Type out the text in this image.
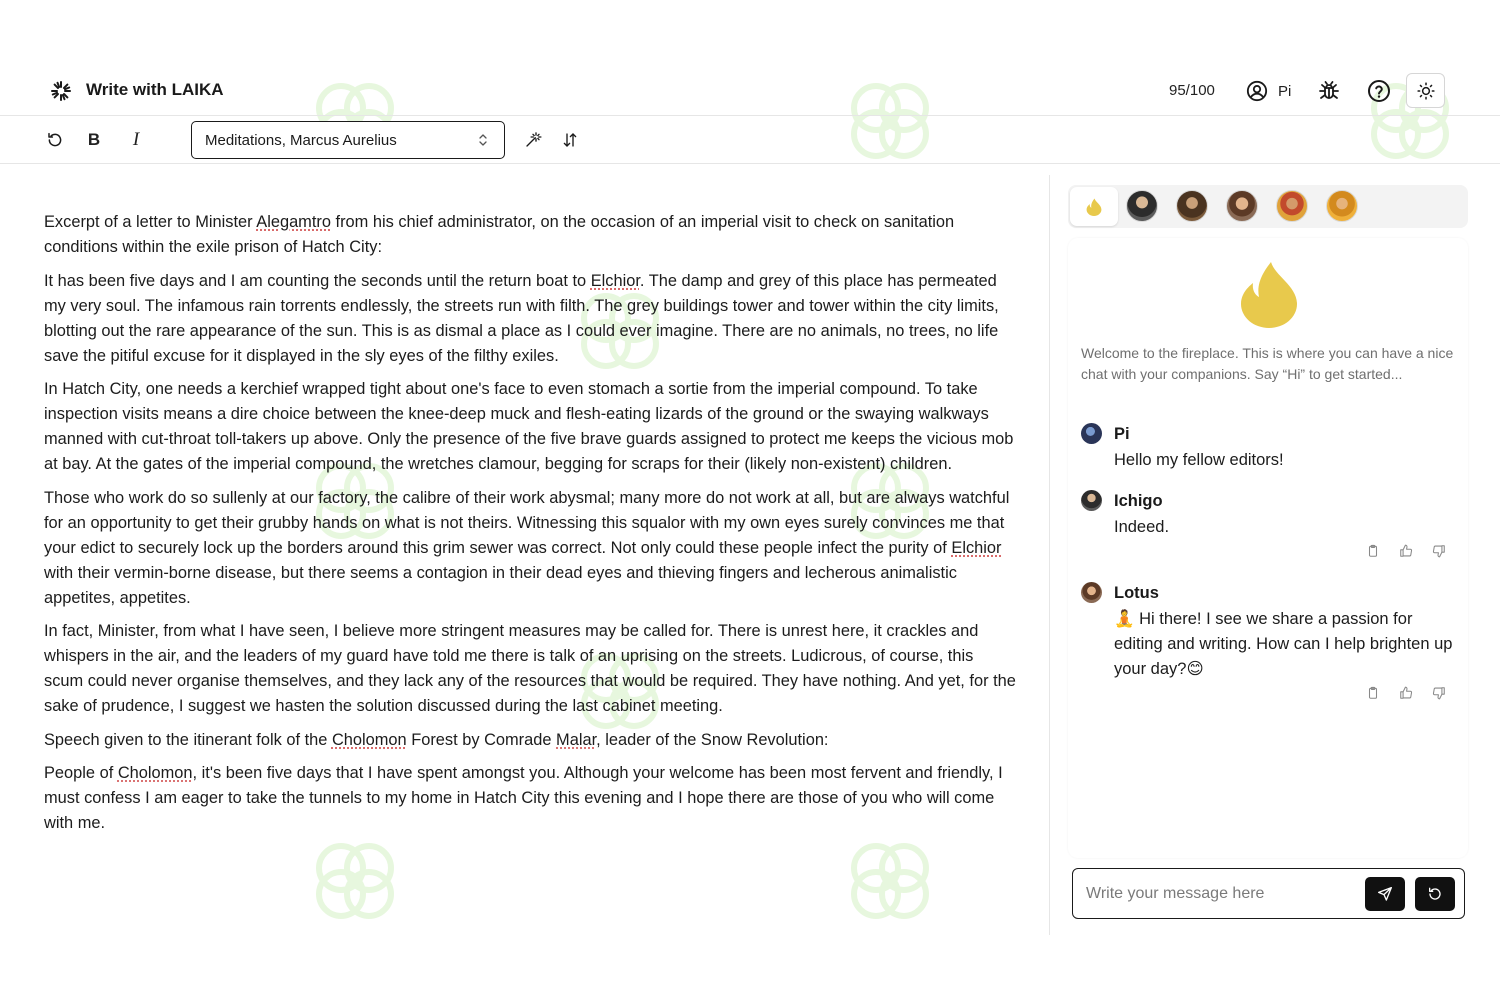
Write with LAIKA	95/100	Pi
B	I	Meditations, Marcus Aurelius

Excerpt of a letter to Minister Alegamtro from his chief administrator, on the occasion of an imperial visit to check on sanitation conditions within the exile prison of Hatch City:

It has been five days and I am counting the seconds until the return boat to Elchior. The damp and grey of this place has permeated my very soul. The infamous rain torrents endlessly, the streets run with filth. The grey buildings tower and tower within the city limits, blotting out the rare appearance of the sun. This is as dismal a place as I could ever imagine. There are no animals, no trees, no life save the pitiful excuse for it displayed in the sly eyes of the filthy exiles.

In Hatch City, one needs a kerchief wrapped tight about one's face to even stomach a sortie from the imperial compound. To take inspection visits means a dire choice between the knee-deep muck and flesh-eating lizards of the ground or the swaying walkways manned with cut-throat toll-takers up above. Only the presence of the five brave guards assigned to protect me keeps the vicious mob at bay. At the gates of the imperial compound, the wretches clamour, begging for scraps for their (likely non-existent) children.

Those who work do so sullenly at our factory, the calibre of their work abysmal; many more do not work at all, but are always watchful for an opportunity to get their grubby hands on what is not theirs. Witnessing this squalor with my own eyes surely convinces me that your edict to securely lock up the borders around this grim sewer was correct. Not only could these people infect the purity of Elchior with their vermin-borne disease, but there seems a contagion in their dead eyes and thieving fingers and lecherous animalistic appetites, appetites.

In fact, Minister, from what I have seen, I believe more stringent measures may be called for. There is unrest here, it crackles and whispers in the air, and the leaders of my guard have told me there is talk of an uprising on the streets. Ludicrous, of course, this scum could never organise themselves, and they lack any of the resources that would be required. They have nothing. And yet, for the sake of prudence, I suggest we hasten the solution discussed during the last cabinet meeting.

Speech given to the itinerant folk of the Cholomon Forest by Comrade Malar, leader of the Snow Revolution:

People of Cholomon, it's been five days that I have spent amongst you. Although your welcome has been most fervent and friendly, I must confess I am eager to take the tunnels to my home in Hatch City this evening and I hope there are those of you who will come with me.

Welcome to the fireplace. This is where you can have a nice chat with your companions. Say “Hi” to get started...
Pi
Hello my fellow editors!
Ichigo
Indeed.
Lotus
🧘 Hi there! I see we share a passion for editing and writing. How can I help brighten up your day?😊
Write your message here
